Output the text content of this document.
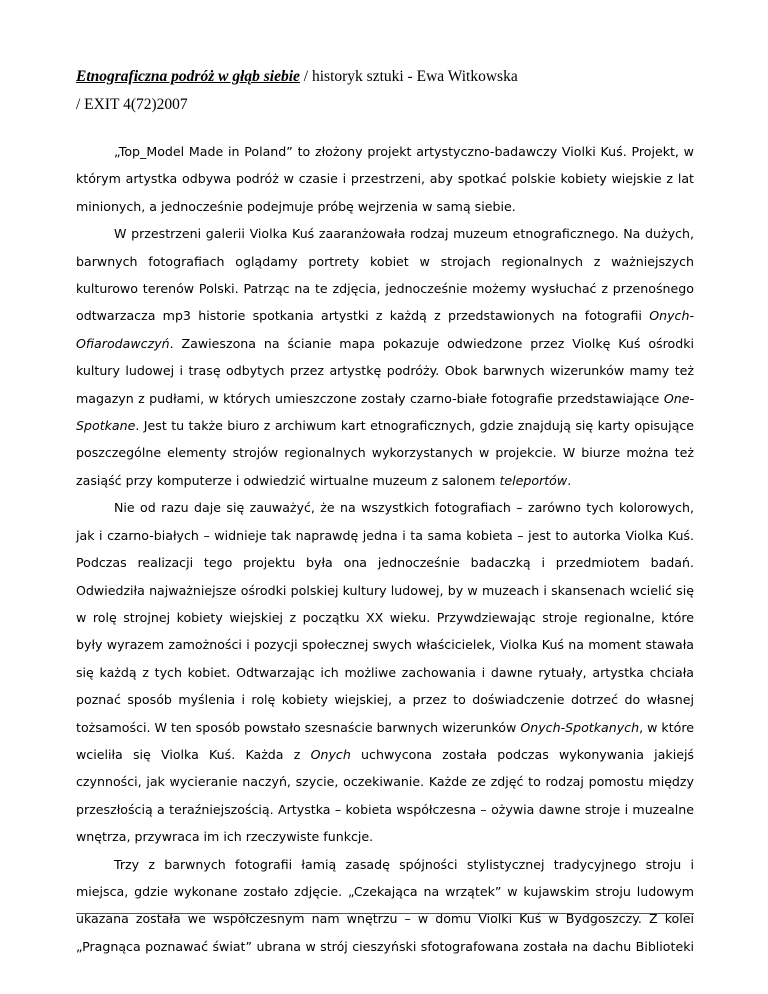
Etnograficzna podróż w głąb siebie / historyk sztuki - Ewa Witkowska
/ EXIT 4(72)2007

„Top_Model Made in Poland” to złożony projekt artystyczno-badawczy Violki Kuś. Projekt, w którym artystka odbywa podróż w czasie i przestrzeni, aby spotkać polskie kobiety wiejskie z lat minionych, a jednocześnie podejmuje próbę wejrzenia w samą siebie.

W przestrzeni galerii Violka Kuś zaaranżowała rodzaj muzeum etnograficznego. Na dużych, barwnych fotografiach oglądamy portrety kobiet w strojach regionalnych z ważniejszych kulturowo terenów Polski. Patrząc na te zdjęcia, jednocześnie możemy wysłuchać z przenośnego odtwarzacza mp3 historie spotkania artystki z każdą z przedstawionych na fotografii Onych-Ofiarodawczyń. Zawieszona na ścianie mapa pokazuje odwiedzone przez Violkę Kuś ośrodki kultury ludowej i trasę odbytych przez artystkę podróży. Obok barwnych wizerunków mamy też magazyn z pudłami, w których umieszczone zostały czarno-białe fotografie przedstawiające One-Spotkane. Jest tu także biuro z archiwum kart etnograficznych, gdzie znajdują się karty opisujące poszczególne elementy strojów regionalnych wykorzystanych w projekcie. W biurze można też zasiąść przy komputerze i odwiedzić wirtualne muzeum z salonem teleportów.

Nie od razu daje się zauważyć, że na wszystkich fotografiach – zarówno tych kolorowych, jak i czarno-białych – widnieje tak naprawdę jedna i ta sama kobieta – jest to autorka Violka Kuś. Podczas realizacji tego projektu była ona jednocześnie badaczką i przedmiotem badań. Odwiedziła najważniejsze ośrodki polskiej kultury ludowej, by w muzeach i skansenach wcielić się w rolę strojnej kobiety wiejskiej z początku XX wieku. Przywdziewając stroje regionalne, które były wyrazem zamożności i pozycji społecznej swych właścicielek, Violka Kuś na moment stawała się każdą z tych kobiet. Odtwarzając ich możliwe zachowania i dawne rytuały, artystka chciała poznać sposób myślenia i rolę kobiety wiejskiej, a przez to doświadczenie dotrzeć do własnej tożsamości. W ten sposób powstało szesnaście barwnych wizerunków Onych-Spotkanych, w które wcieliła się Violka Kuś. Każda z Onych uchwycona została podczas wykonywania jakiejś czynności, jak wycieranie naczyń, szycie, oczekiwanie. Każde ze zdjęć to rodzaj pomostu między przeszłością a teraźniejszością. Artystka – kobieta współczesna – ożywia dawne stroje i muzealne wnętrza, przywraca im ich rzeczywiste funkcje.

Trzy z barwnych fotografii łamią zasadę spójności stylistycznej tradycyjnego stroju i miejsca, gdzie wykonane zostało zdjęcie. „Czekająca na wrzątek” w kujawskim stroju ludowym ukazana została we współczesnym nam wnętrzu – w domu Violki Kuś w Bydgoszczy. Z kolei „Pragnąca poznawać świat” ubrana w strój cieszyński sfotografowana została na dachu Biblioteki
